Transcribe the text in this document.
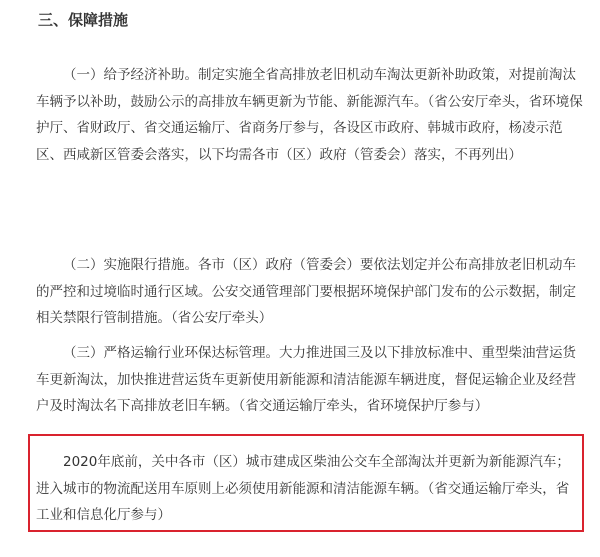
三、保障措施

（一）给予经济补助。制定实施全省高排放老旧机动车淘汰更新补助政策，对提前淘汰车辆予以补助，鼓励公示的高排放车辆更新为节能、新能源汽车。（省公安厅牵头，省环境保护厅、省财政厅、省交通运输厅、省商务厅参与，各设区市政府、韩城市政府，杨凌示范区、西咸新区管委会落实，以下均需各市（区）政府（管委会）落实，不再列出）

（二）实施限行措施。各市（区）政府（管委会）要依法划定并公布高排放老旧机动车的严控和过境临时通行区域。公安交通管理部门要根据环境保护部门发布的公示数据，制定相关禁限行管制措施。（省公安厅牵头）

（三）严格运输行业环保达标管理。大力推进国三及以下排放标准中、重型柴油营运货车更新淘汰，加快推进营运货车更新使用新能源和清洁能源车辆进度，督促运输企业及经营户及时淘汰名下高排放老旧车辆。（省交通运输厅牵头，省环境保护厅参与）

2020年底前，关中各市（区）城市建成区柴油公交车全部淘汰并更新为新能源汽车；进入城市的物流配送用车原则上必须使用新能源和清洁能源车辆。（省交通运输厅牵头，省工业和信息化厅参与）
